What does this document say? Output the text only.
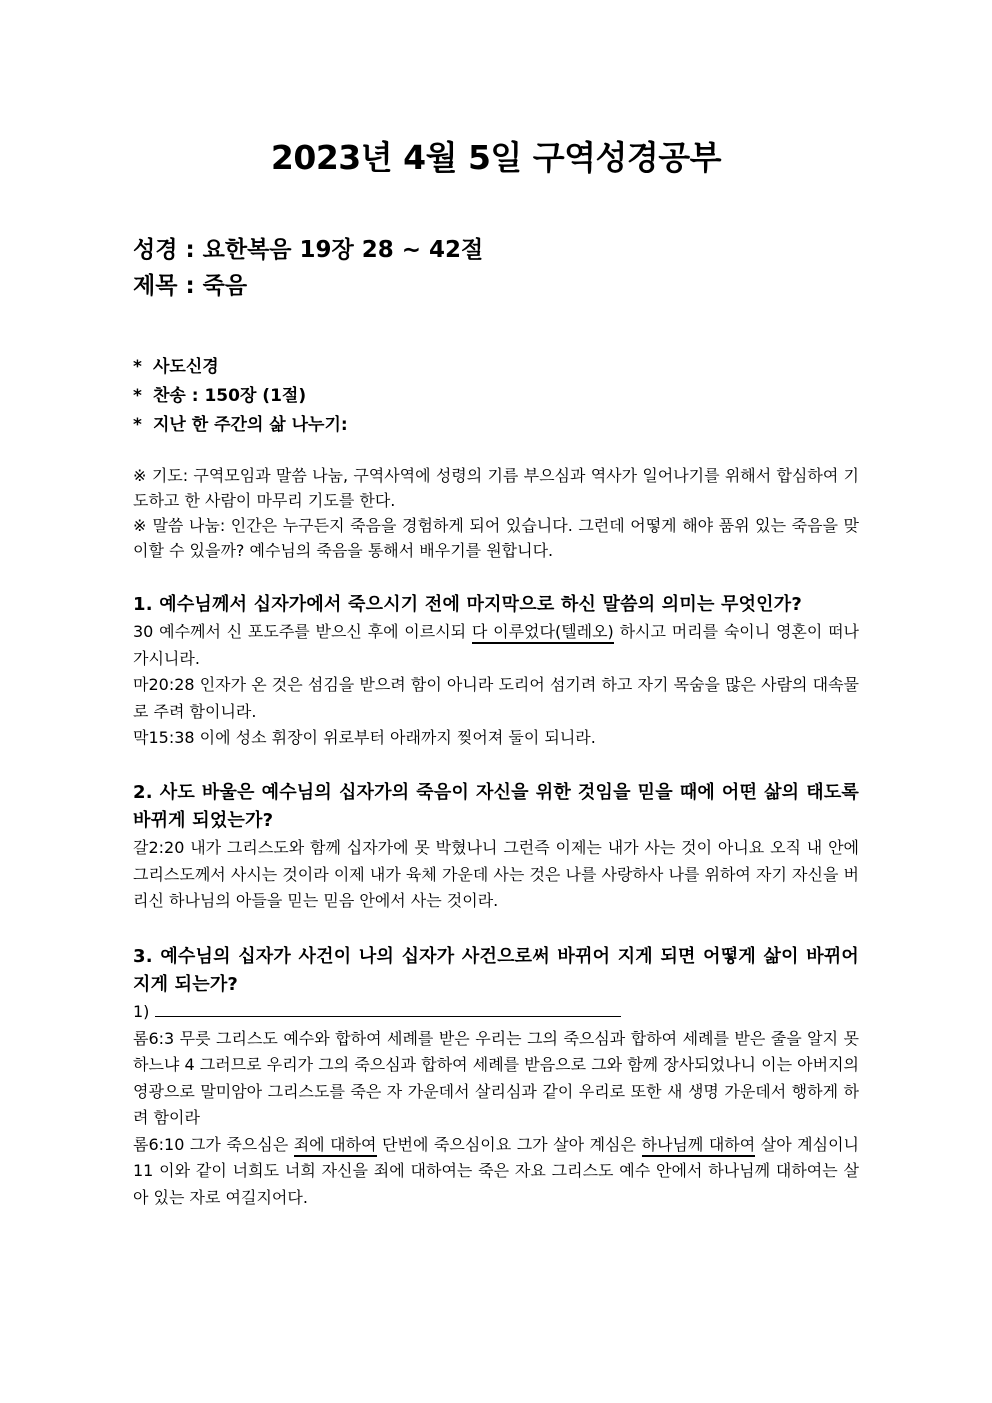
2023년 4월 5일 구역성경공부
성경 : 요한복음 19장 28 ~ 42절
제목 : 죽음
* 사도신경
* 찬송 : 150장 (1절)
* 지난 한 주간의 삶 나누기:
※ 기도: 구역모임과 말씀 나눔, 구역사역에 성령의 기름 부으심과 역사가 일어나기를 위해서 합심하여 기도하고 한 사람이 마무리 기도를 한다.
※ 말씀 나눔: 인간은 누구든지 죽음을 경험하게 되어 있습니다. 그런데 어떻게 해야 품위 있는 죽음을 맞이할 수 있을까? 예수님의 죽음을 통해서 배우기를 원합니다.
1. 예수님께서 십자가에서 죽으시기 전에 마지막으로 하신 말씀의 의미는 무엇인가?

30 예수께서 신 포도주를 받으신 후에 이르시되 다 이루었다(텔레오) 하시고 머리를 숙이니 영혼이 떠나가시니라.

마20:28 인자가 온 것은 섬김을 받으려 함이 아니라 도리어 섬기려 하고 자기 목숨을 많은 사람의 대속물로 주려 함이니라.

막15:38 이에 성소 휘장이 위로부터 아래까지 찢어져 둘이 되니라.

2. 사도 바울은 예수님의 십자가의 죽음이 자신을 위한 것임을 믿을 때에 어떤 삶의 태도록 바뀌게 되었는가?

갈2:20 내가 그리스도와 함께 십자가에 못 박혔나니 그런즉 이제는 내가 사는 것이 아니요 오직 내 안에 그리스도께서 사시는 것이라 이제 내가 육체 가운데 사는 것은 나를 사랑하사 나를 위하여 자기 자신을 버리신 하나님의 아들을 믿는 믿음 안에서 사는 것이라.

3. 예수님의 십자가 사건이 나의 십자가 사건으로써 바뀌어 지게 되면 어떻게 삶이 바뀌어 지게 되는가?

1)

롬6:3 무릇 그리스도 예수와 합하여 세례를 받은 우리는 그의 죽으심과 합하여 세례를 받은 줄을 알지 못하느냐 4 그러므로 우리가 그의 죽으심과 합하여 세례를 받음으로 그와 함께 장사되었나니 이는 아버지의 영광으로 말미암아 그리스도를 죽은 자 가운데서 살리심과 같이 우리로 또한 새 생명 가운데서 행하게 하려 함이라

롬6:10 그가 죽으심은 죄에 대하여 단번에 죽으심이요 그가 살아 계심은 하나님께 대하여 살아 계심이니 11 이와 같이 너희도 너희 자신을 죄에 대하여는 죽은 자요 그리스도 예수 안에서 하나님께 대하여는 살아 있는 자로 여길지어다.
